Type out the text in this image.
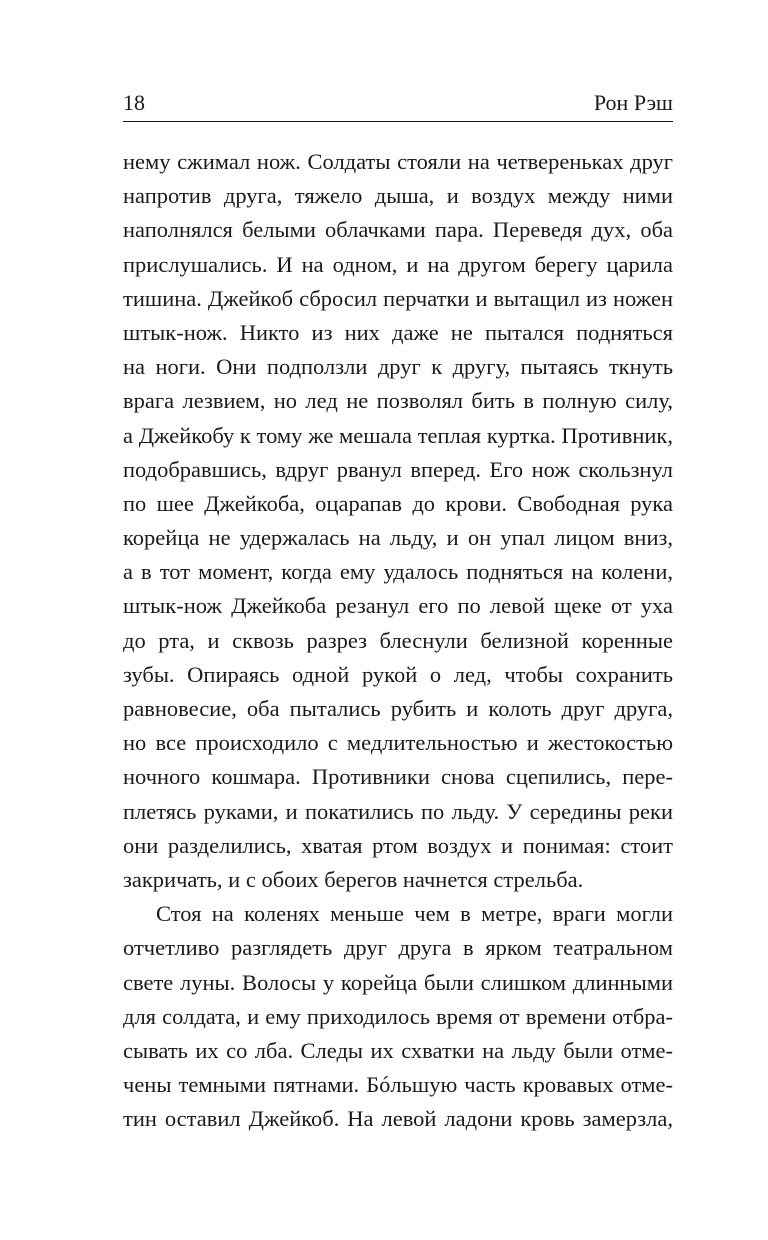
18	Рон Рэш
нему сжимал нож. Солдаты стояли на четвереньках друг
напротив друга, тяжело дыша, и воздух между ними
наполнялся белыми облачками пара. Переведя дух, оба
прислушались. И на одном, и на другом берегу царила
тишина. Джейкоб сбросил перчатки и вытащил из ножен
штык-нож. Никто из них даже не пытался подняться
на ноги. Они подползли друг к другу, пытаясь ткнуть
врага лезвием, но лед не позволял бить в полную силу,
а Джейкобу к тому же мешала теплая куртка. Противник,
подобравшись, вдруг рванул вперед. Его нож скользнул
по шее Джейкоба, оцарапав до крови. Свободная рука
корейца не удержалась на льду, и он упал лицом вниз,
а в тот момент, когда ему удалось подняться на колени,
штык-нож Джейкоба резанул его по левой щеке от уха
до рта, и сквозь разрез блеснули белизной коренные
зубы. Опираясь одной рукой о лед, чтобы сохранить
равновесие, оба пытались рубить и колоть друг друга,
но все происходило с медлительностью и жестокостью
ночного кошмара. Противники снова сцепились, пере-
плетясь руками, и покатились по льду. У середины реки
они разделились, хватая ртом воздух и понимая: стоит
закричать, и с обоих берегов начнется стрельба.
Стоя на коленях меньше чем в метре, враги могли
отчетливо разглядеть друг друга в ярком театральном
свете луны. Волосы у корейца были слишком длинными
для солдата, и ему приходилось время от времени отбра-
сывать их со лба. Следы их схватки на льду были отме-
чены темными пятнами. Бóльшую часть кровавых отме-
тин оставил Джейкоб. На левой ладони кровь замерзла,
